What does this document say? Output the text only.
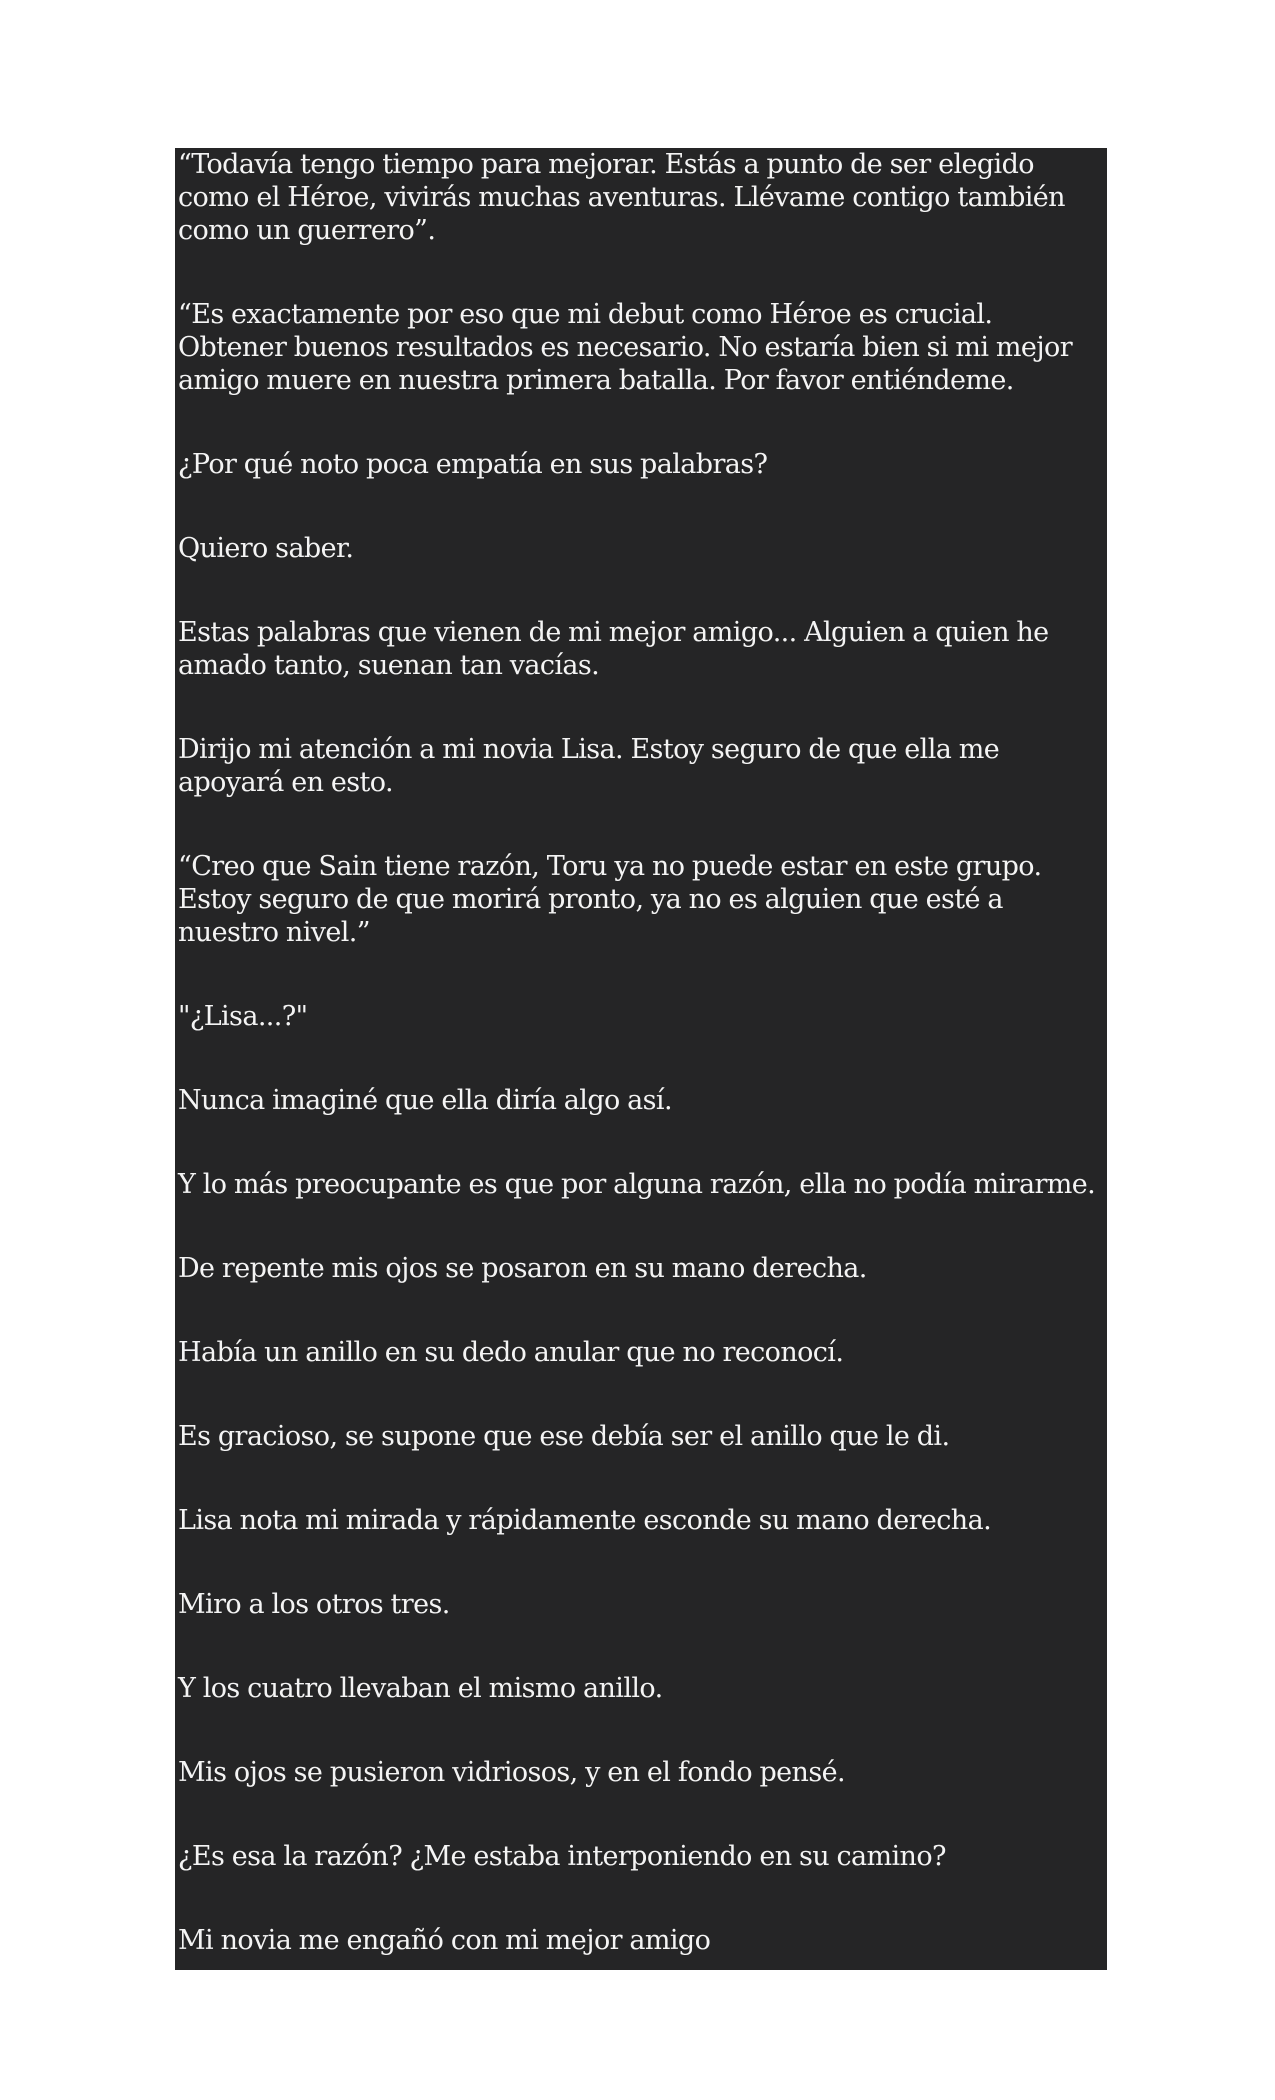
“Todavía tengo tiempo para mejorar. Estás a punto de ser elegido como el Héroe, vivirás muchas aventuras. Llévame contigo también como un guerrero”.

“Es exactamente por eso que mi debut como Héroe es crucial. Obtener buenos resultados es necesario. No estaría bien si mi mejor amigo muere en nuestra primera batalla. Por favor entiéndeme.

¿Por qué noto poca empatía en sus palabras?

Quiero saber.

Estas palabras que vienen de mi mejor amigo... Alguien a quien he amado tanto, suenan tan vacías.

Dirijo mi atención a mi novia Lisa. Estoy seguro de que ella me apoyará en esto.

“Creo que Sain tiene razón, Toru ya no puede estar en este grupo. Estoy seguro de que morirá pronto, ya no es alguien que esté a nuestro nivel.”

"¿Lisa...?"

Nunca imaginé que ella diría algo así.

Y lo más preocupante es que por alguna razón, ella no podía mirarme.

De repente mis ojos se posaron en su mano derecha.

Había un anillo en su dedo anular que no reconocí.

Es gracioso, se supone que ese debía ser el anillo que le di.

Lisa nota mi mirada y rápidamente esconde su mano derecha.

Miro a los otros tres.

Y los cuatro llevaban el mismo anillo.

Mis ojos se pusieron vidriosos, y en el fondo pensé.

¿Es esa la razón? ¿Me estaba interponiendo en su camino?

Mi novia me engañó con mi mejor amigo
